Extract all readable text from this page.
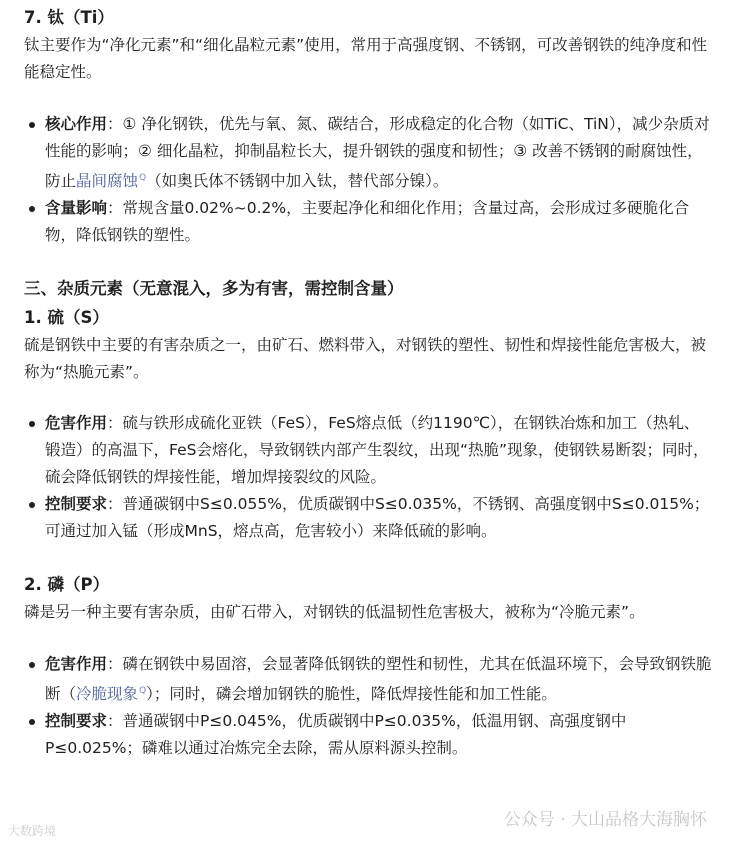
7. 钛（Ti）

钛主要作为“净化元素”和“细化晶粒元素”使用，常用于高强度钢、不锈钢，可改善钢铁的纯净度和性能稳定性。

核心作用：① 净化钢铁，优先与氧、氮、碳结合，形成稳定的化合物（如TiC、TiN），减少杂质对性能的影响；② 细化晶粒，抑制晶粒长大，提升钢铁的强度和韧性；③ 改善不锈钢的耐腐蚀性，防止晶间腐蚀$^Q$（如奥氏体不锈钢中加入钛，替代部分镍）。
含量影响：常规含量0.02%~0.2%，主要起净化和细化作用；含量过高，会形成过多硬脆化合物，降低钢铁的塑性。
三、杂质元素（无意混入，多为有害，需控制含量）
1. 硫（S）

硫是钢铁中主要的有害杂质之一，由矿石、燃料带入，对钢铁的塑性、韧性和焊接性能危害极大，被称为“热脆元素”。

危害作用：硫与铁形成硫化亚铁（FeS），FeS熔点低（约1190℃），在钢铁冶炼和加工（热轧、锻造）的高温下，FeS会熔化，导致钢铁内部产生裂纹，出现“热脆”现象，使钢铁易断裂；同时，硫会降低钢铁的焊接性能，增加焊接裂纹的风险。
控制要求：普通碳钢中S≤0.055%，优质碳钢中S≤0.035%，不锈钢、高强度钢中S≤0.015%；可通过加入锰（形成MnS，熔点高，危害较小）来降低硫的影响。
2. 磷（P）

磷是另一种主要有害杂质，由矿石带入，对钢铁的低温韧性危害极大，被称为“冷脆元素”。

危害作用：磷在钢铁中易固溶，会显著降低钢铁的塑性和韧性，尤其在低温环境下，会导致钢铁脆断（冷脆现象$^Q$）；同时，磷会增加钢铁的脆性，降低焊接性能和加工性能。
控制要求：普通碳钢中P≤0.045%，优质碳钢中P≤0.035%，低温用钢、高强度钢中P≤0.025%；磷难以通过冶炼完全去除，需从原料源头控制。
公众号 · 大山品格大海胸怀
大数跨境
